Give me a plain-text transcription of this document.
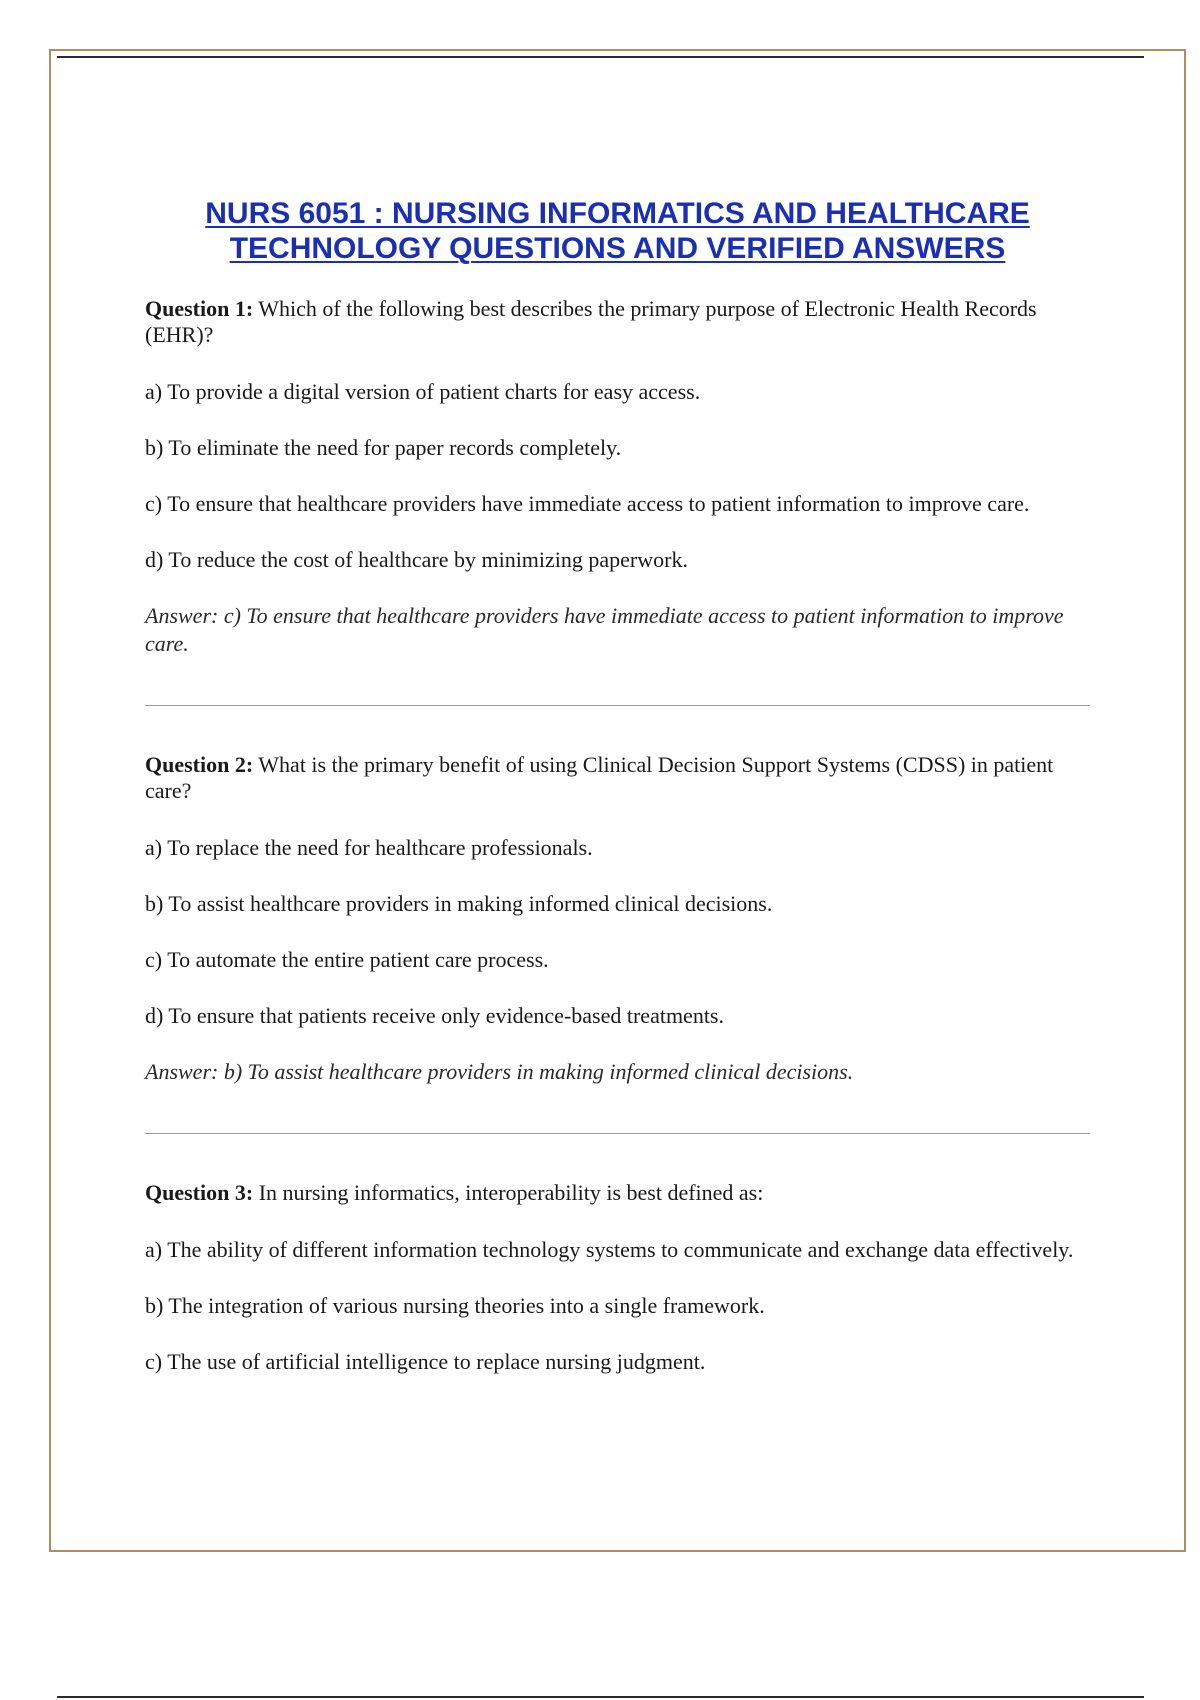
NURS 6051 : NURSING INFORMATICS AND HEALTHCARE TECHNOLOGY QUESTIONS AND VERIFIED ANSWERS
Question 1: Which of the following best describes the primary purpose of Electronic Health Records (EHR)?
a) To provide a digital version of patient charts for easy access.
b) To eliminate the need for paper records completely.
c) To ensure that healthcare providers have immediate access to patient information to improve care.
d) To reduce the cost of healthcare by minimizing paperwork.
Answer: c) To ensure that healthcare providers have immediate access to patient information to improve care.
Question 2: What is the primary benefit of using Clinical Decision Support Systems (CDSS) in patient care?
a) To replace the need for healthcare professionals.
b) To assist healthcare providers in making informed clinical decisions.
c) To automate the entire patient care process.
d) To ensure that patients receive only evidence-based treatments.
Answer: b) To assist healthcare providers in making informed clinical decisions.
Question 3: In nursing informatics, interoperability is best defined as:
a) The ability of different information technology systems to communicate and exchange data effectively.
b) The integration of various nursing theories into a single framework.
c) The use of artificial intelligence to replace nursing judgment.
